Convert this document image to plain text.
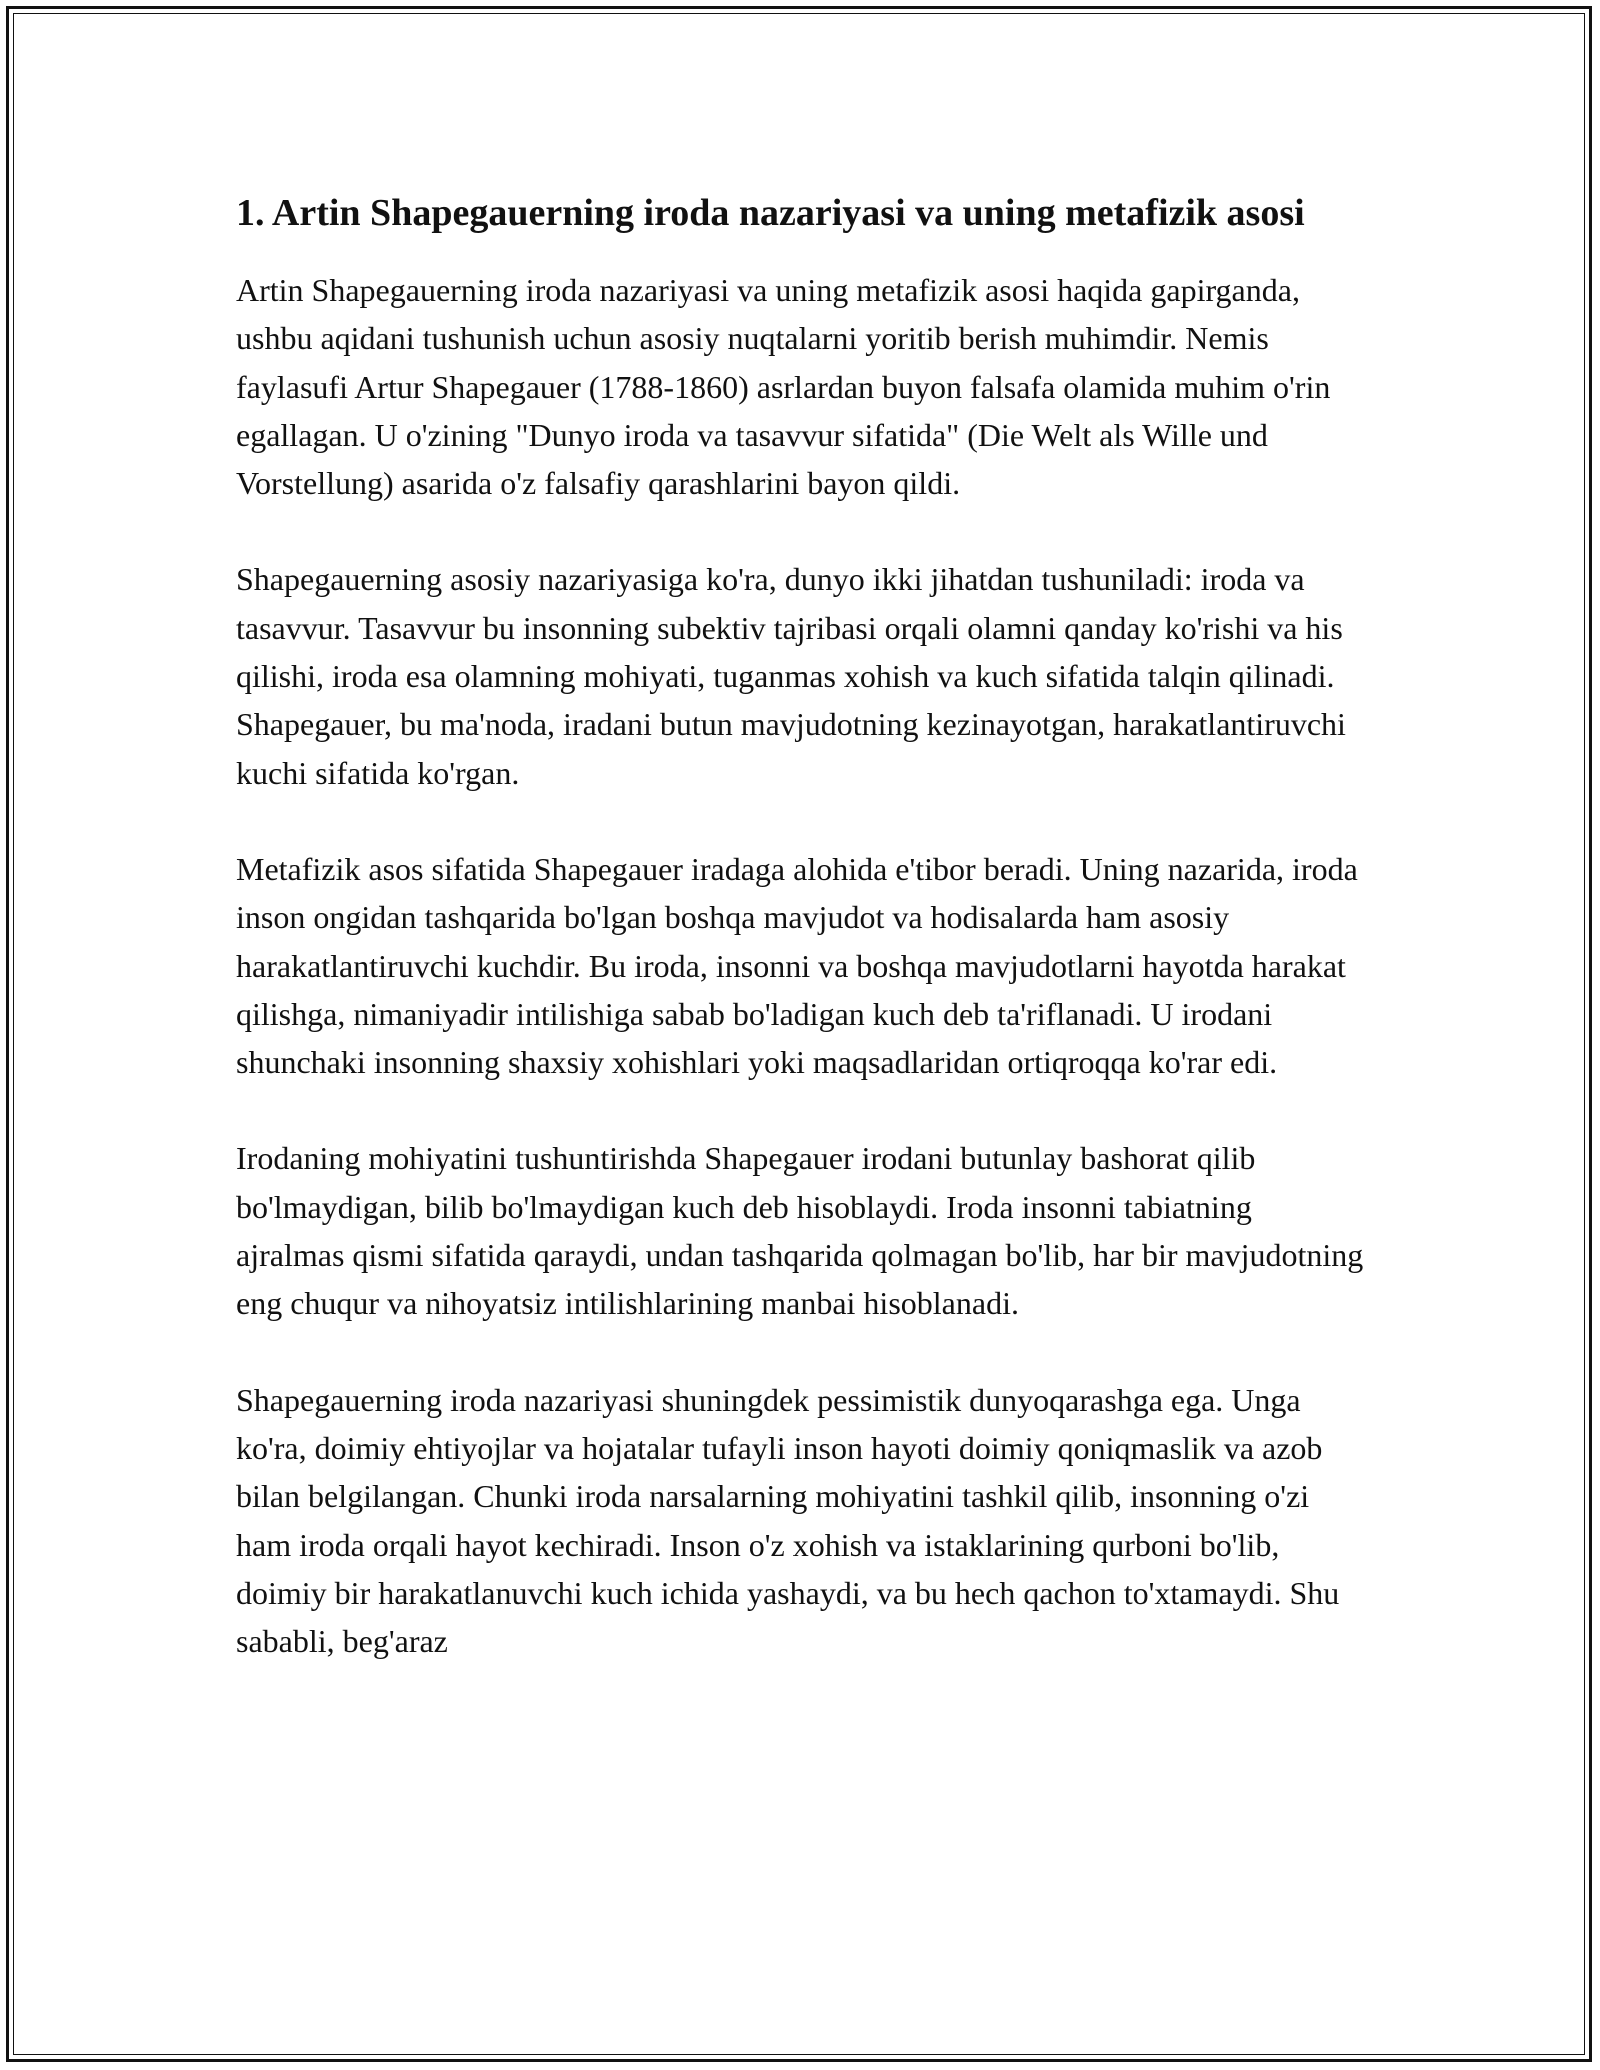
1. Artin Shapegauerning iroda nazariyasi va uning metafizik asosi

Artin Shapegauerning iroda nazariyasi va uning metafizik asosi haqida gapirganda, ushbu aqidani tushunish uchun asosiy nuqtalarni yoritib berish muhimdir. Nemis faylasufi Artur Shapegauer (1788-1860) asrlardan buyon falsafa olamida muhim o'rin egallagan. U o'zining "Dunyo iroda va tasavvur sifatida" (Die Welt als Wille und Vorstellung) asarida o'z falsafiy qarashlarini bayon qildi.

Shapegauerning asosiy nazariyasiga ko'ra, dunyo ikki jihatdan tushuniladi: iroda va tasavvur. Tasavvur bu insonning subektiv tajribasi orqali olamni qanday ko'rishi va his qilishi, iroda esa olamning mohiyati, tuganmas xohish va kuch sifatida talqin qilinadi. Shapegauer, bu ma'noda, iradani butun mavjudotning kezinayotgan, harakatlantiruvchi kuchi sifatida ko'rgan.

Metafizik asos sifatida Shapegauer iradaga alohida e'tibor beradi. Uning nazarida, iroda inson ongidan tashqarida bo'lgan boshqa mavjudot va hodisalarda ham asosiy harakatlantiruvchi kuchdir. Bu iroda, insonni va boshqa mavjudotlarni hayotda harakat qilishga, nimaniyadir intilishiga sabab bo'ladigan kuch deb ta'riflanadi. U irodani shunchaki insonning shaxsiy xohishlari yoki maqsadlaridan ortiqroqqa ko'rar edi.

Irodaning mohiyatini tushuntirishda Shapegauer irodani butunlay bashorat qilib bo'lmaydigan, bilib bo'lmaydigan kuch deb hisoblaydi. Iroda insonni tabiatning ajralmas qismi sifatida qaraydi, undan tashqarida qolmagan bo'lib, har bir mavjudotning eng chuqur va nihoyatsiz intilishlarining manbai hisoblanadi.

Shapegauerning iroda nazariyasi shuningdek pessimistik dunyoqarashga ega. Unga ko'ra, doimiy ehtiyojlar va hojatalar tufayli inson hayoti doimiy qoniqmaslik va azob bilan belgilangan. Chunki iroda narsalarning mohiyatini tashkil qilib, insonning o'zi ham iroda orqali hayot kechiradi. Inson o'z xohish va istaklarining qurboni bo'lib, doimiy bir harakatlanuvchi kuch ichida yashaydi, va bu hech qachon to'xtamaydi. Shu sababli, beg'araz
